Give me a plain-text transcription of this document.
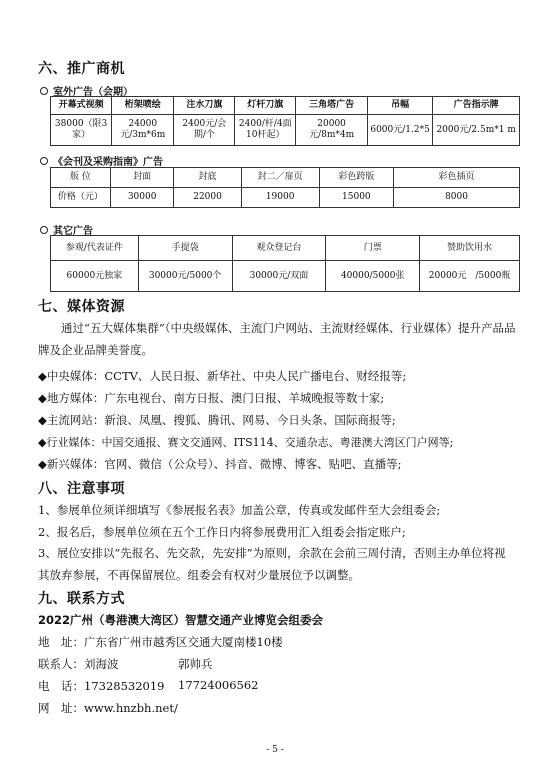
六、推广商机
室外广告（会期）
开幕式视频	桁架喷绘	注水刀旗	灯杆刀旗	三角塔广告	吊幅	广告指示牌
38000（限3家）	24000元/3m*6m	2400元/会期/个	2400/杆/4面10杆起）	20000元/8m*4m	6000元/1.2*5	2000元/2.5m*1 m
《会刊及采购指南》广告
版 位	封面	封底	封二／扉页	彩色跨版	彩色插页
价格（元）	30000	22000	19000	15000	8000
其它广告
参观/代表证件	手提袋	观众登记台	门票	赞助饮用水
60000元独家	30000元/5000个	30000元/双面	40000/5000张	20000元　/5000瓶
七、媒体资源
通过“五大媒体集群”（中央级媒体、主流门户网站、主流财经媒体、行业媒体）提升产品品牌及企业品牌美誉度。
◆中央媒体：CCTV、人民日报、新华社、中央人民广播电台、财经报等;
◆地方媒体：广东电视台、南方日报、澳门日报、羊城晚报等数十家;
◆主流网站：新浪、凤凰、搜狐、腾讯、网易、今日头条、国际商报等;
◆行业媒体：中国交通报、赛文交通网、ITS114、交通杂志、粤港澳大湾区门户网等;
◆新兴媒体：官网、微信（公众号）、抖音、微博、博客、贴吧、直播等;
八、注意事项
1、参展单位须详细填写《参展报名表》加盖公章，传真或发邮件至大会组委会;
2、报名后，参展单位须在五个工作日内将参展费用汇入组委会指定账户;
3、展位安排以“先报名、先交款，先安排”为原则，余款在会前三周付清，否则主办单位将视其放弃参展，不再保留展位。组委会有权对少量展位予以调整。
九、联系方式
2022广州（粤港澳大湾区）智慧交通产业博览会组委会
地　址：广东省广州市越秀区交通大厦南楼10楼
联系人：刘海波	郭帅兵
电　话：17328532019 17724006562
网　址：www.hnzbh.net/
- 5 -
